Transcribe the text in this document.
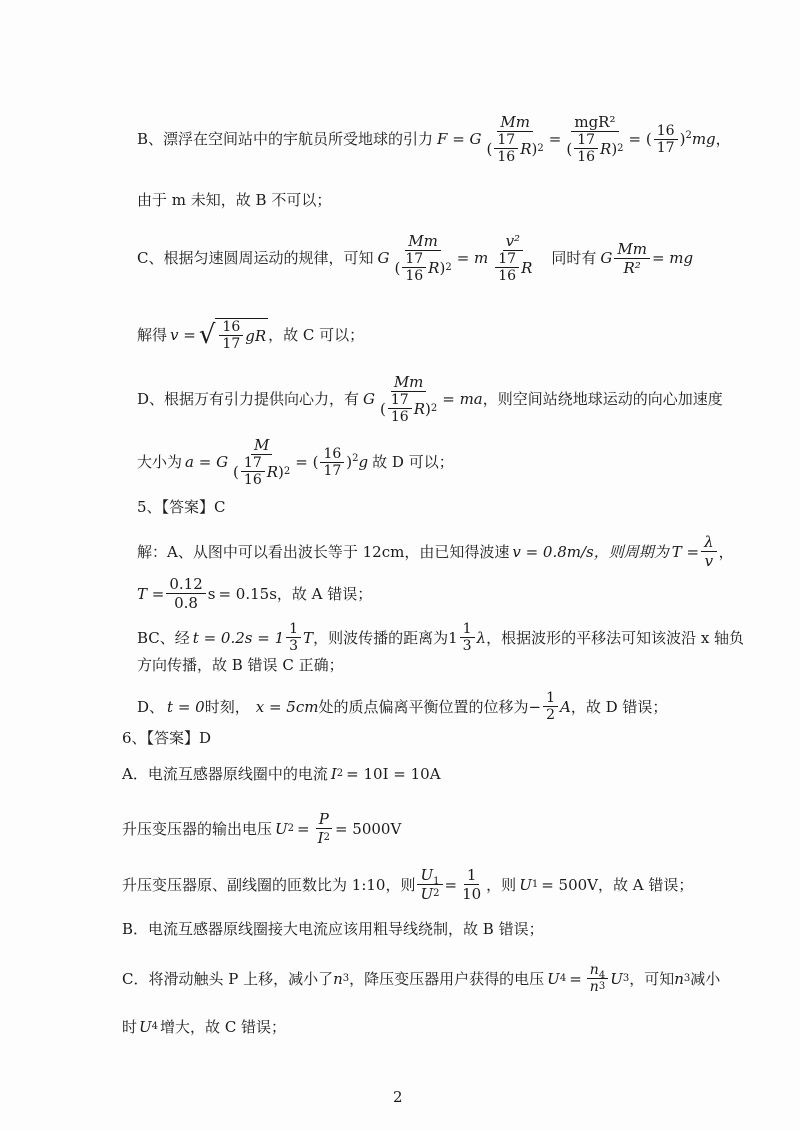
B、漂浮在空间站中的宇航员所受地球的引力 F = G $\frac{Mm}{( \frac{17}{16} R ) 2} = \frac{\text{mgR²}}{( \frac{17}{16} R ) 2}$ = ( $\frac{16}{17} )^2$ mg ，
由于 m 未知，故 B 不可以；
C、根据匀速圆周运动的规律，可知 G $\frac{Mm}{( \frac{17}{16} R ) 2} = m \frac{\text{v²}}{\frac{17}{16} R}$ 同时有 G $\frac{Mm}{\text{R²}}$ = mg
解得 v = √ $\frac{16}{17}$ gR ，故 C 可以；
D、根据万有引力提供向心力，有 G $\frac{Mm}{( \frac{17}{16} R ) 2}$ = ma ，则空间站绕地球运动的向心加速度
大小为 a = G $\frac{M}{( \frac{17}{16} R ) 2}$ = ( $\frac{16}{17} )^2$ g 故 D 可以；
5、【答案】C
解：A、从图中可以看出波长等于 12cm，由已知得波速 v = 0.8m/s，则周期为 $T = \frac{\lambda}{v}$ ，
$T = \frac{0.12}{0.8}$ s = 0.15s，故 A 错误；
BC、经 $t = 0.2s = 1 \frac{1}{3}$ T ，则波传播的距离为 $1 \frac{1}{3}$ λ ，根据波形的平移法可知该波沿 x 轴负
方向传播，故 B 错误 C 正确；
D、 t = 0 时刻， x = 5cm 处的质点偏离平衡位置的位移为 − $\frac{1}{2}$ A ，故 D 错误；
6、【答案】D
A．电流互感器原线圈中的电流 I 2 = 10I = 10A
升压变压器的输出电压 U $2 = \frac{P}{I 2} = 5000V$
升压变压器原、副线圈的匝数比为 1:10，则 $\frac{U_1}{U 2} = \frac{1}{10}$ ，则 U 1 = 500V ，故 A 错误；
B．电流互感器原线圈接大电流应该用粗导线绕制，故 B 错误；
C．将滑动触头 P 上移，减小了 n 3 ，降压变压器用户获得的电压 U $4 = \frac{n_4}{n 3}$ U 3 ，可知 n 3 减小
时 U 4 增大，故 C 错误；
2
